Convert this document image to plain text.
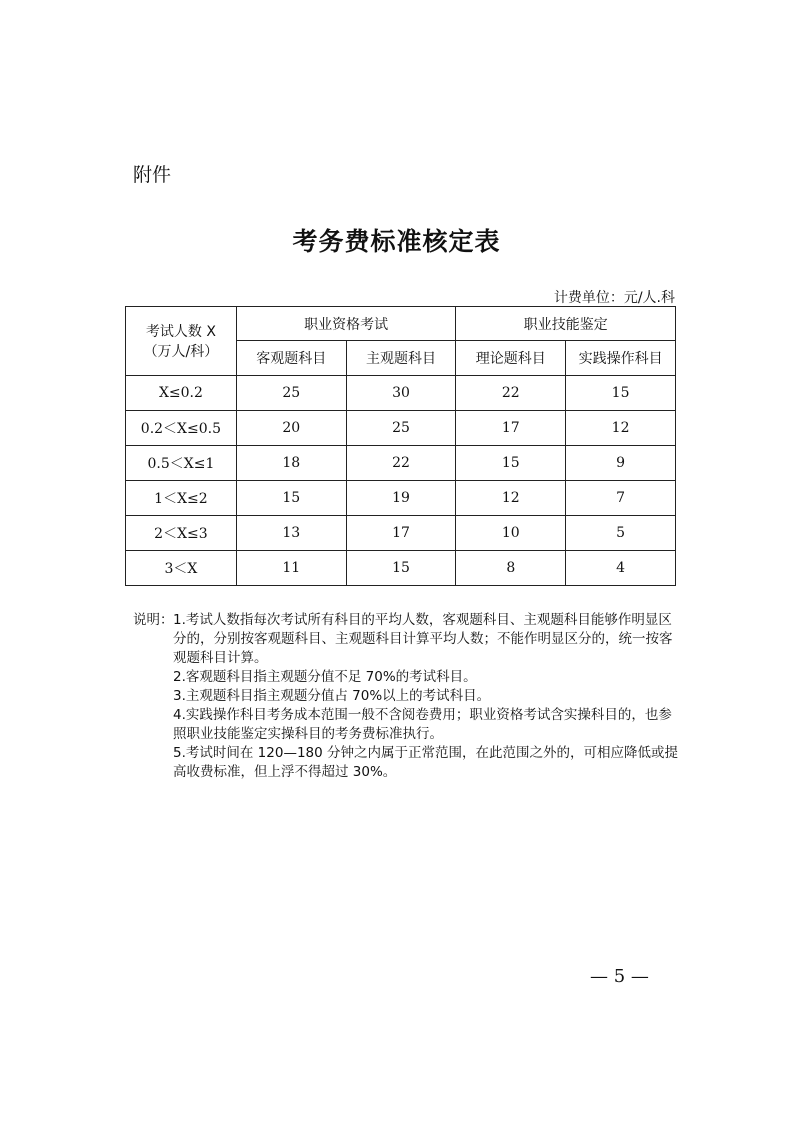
附件
考务费标准核定表
计费单位：元/人.科
考试人数 X
（万人/科）	职业资格考试		职业技能鉴定	
	客观题科目	主观题科目	理论题科目	实践操作科目
X≤0.2	25	30	22	15
0.2＜X≤0.5	20	25	17	12
0.5＜X≤1	18	22	15	9
1＜X≤2	15	19	12	7
2＜X≤3	13	17	10	5
3＜X	11	15	8	4
说明： 1.考试人数指每次考试所有科目的平均人数，客观题科目、主观题科目能够作明显区分的，分别按客观题科目、主观题科目计算平均人数；不能作明显区分的，统一按客观题科目计算。

2.客观题科目指主观题分值不足 70%的考试科目。

3.主观题科目指主观题分值占 70%以上的考试科目。

4.实践操作科目考务成本范围一般不含阅卷费用；职业资格考试含实操科目的，也参照职业技能鉴定实操科目的考务费标准执行。

5.考试时间在 120—180 分钟之内属于正常范围，在此范围之外的，可相应降低或提高收费标准，但上浮不得超过 30%。

— 5 —
